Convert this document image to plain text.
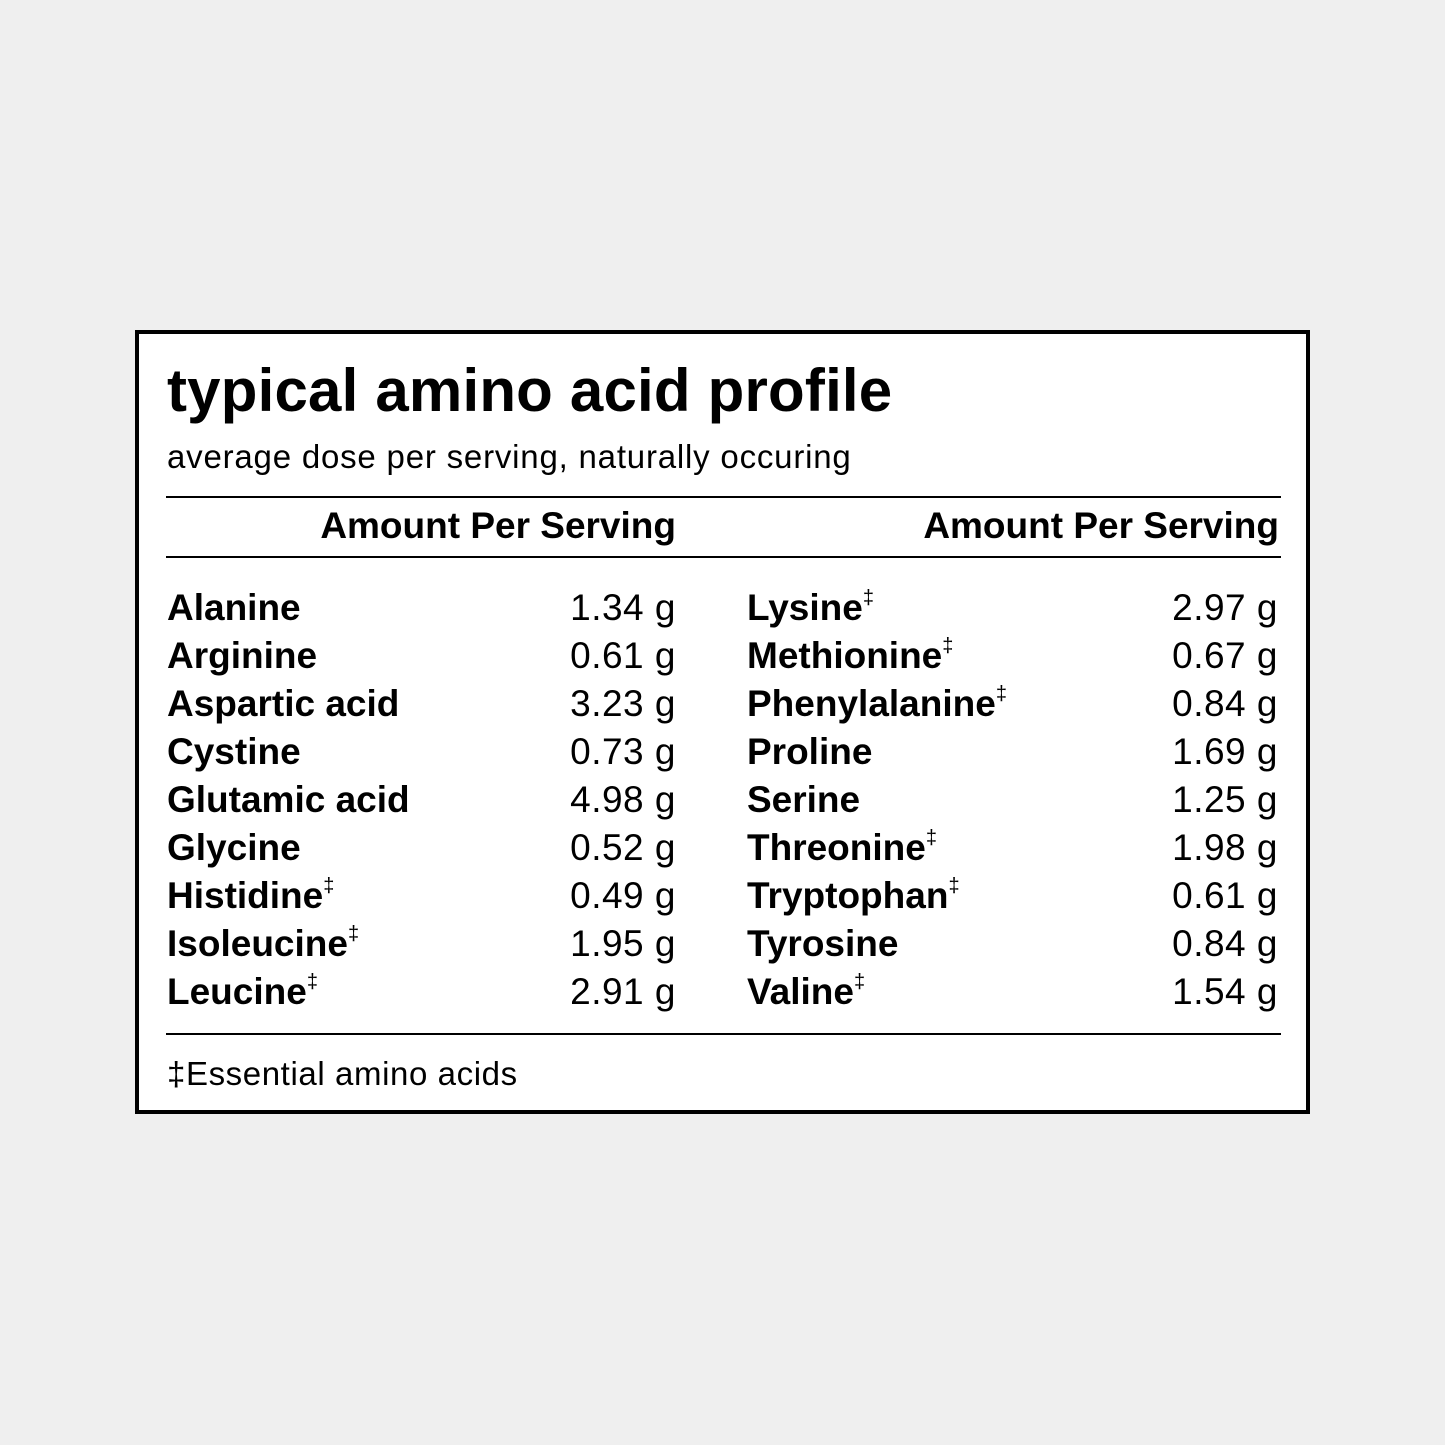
typical amino acid profile
average dose per serving, naturally occuring
Amount Per Serving	Amount Per Serving
Alanine	1.34 g
Arginine	0.61 g
Aspartic acid	3.23 g
Cystine	0.73 g
Glutamic acid	4.98 g
Glycine	0.52 g
Histidine‡	0.49 g
Isoleucine‡	1.95 g
Leucine‡	2.91 g
Lysine‡	2.97 g
Methionine‡	0.67 g
Phenylalanine‡	0.84 g
Proline	1.69 g
Serine	1.25 g
Threonine‡	1.98 g
Tryptophan‡	0.61 g
Tyrosine	0.84 g
Valine‡	1.54 g
‡Essential amino acids
